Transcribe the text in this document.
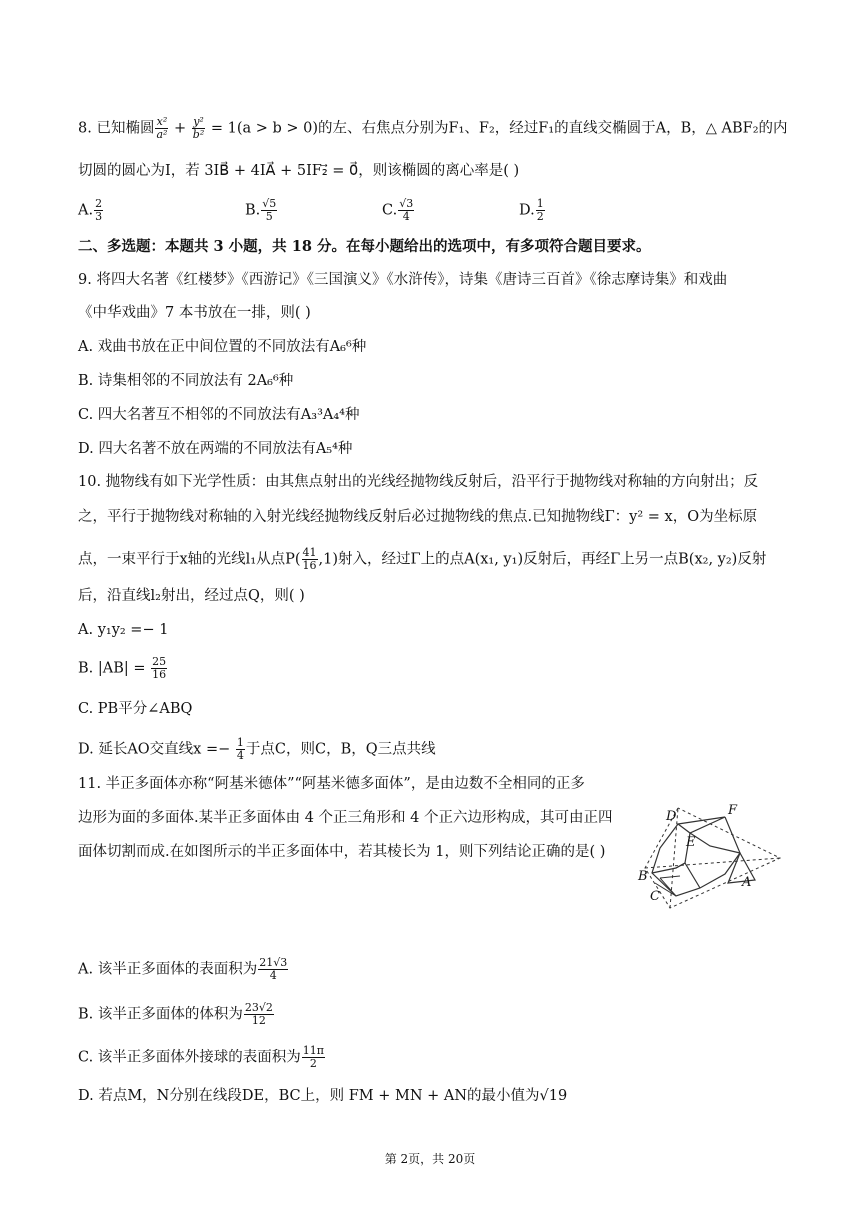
8. 已知椭圆 $\frac{\text{x²}}{\text{a²}} + \frac{\text{y²}}{\text{b²}} = 1(a > b > 0)$的左、右焦点分别为F₁、F₂，经过F₁的直线交椭圆于A，B，△ ABF₂的内
切圆的圆心为I，若 3IB⃗ + 4IA⃗ + 5IF₂⃗ = 0⃗，则该椭圆的离心率是( )
A. $\frac{2}{3}$	B. $\frac{√5}{5}$	C. $\frac{√3}{4}$	D. $\frac{1}{2}$
二、多选题：本题共 3 小题，共 18 分。在每小题给出的选项中，有多项符合题目要求。
9. 将四大名著《红楼梦》《西游记》《三国演义》《水浒传》，诗集《唐诗三百首》《徐志摩诗集》和戏曲
《中华戏曲》7 本书放在一排，则( )
A. 戏曲书放在正中间位置的不同放法有A₆⁶种
B. 诗集相邻的不同放法有 2A₆⁶种
C. 四大名著互不相邻的不同放法有A₃³A₄⁴种
D. 四大名著不放在两端的不同放法有A₅⁴种
10. 抛物线有如下光学性质：由其焦点射出的光线经抛物线反射后，沿平行于抛物线对称轴的方向射出；反
之，平行于抛物线对称轴的入射光线经抛物线反射后必过抛物线的焦点.已知抛物线Γ：y² = x，O为坐标原
点，一束平行于x轴的光线l₁从点$P( \frac{41}{16} ,1)$射入，经过Γ上的点A(x₁, y₁)反射后，再经Γ上另一点B(x₂, y₂)反射
后，沿直线l₂射出，经过点Q，则( )
A. y₁y₂ =− 1
B. $|AB| = \frac{25}{16}$
C. PB平分∠ABQ
D. 延长AO交直线$x =- \frac{1}{4}$ 于点C，则C，B，Q三点共线
11. 半正多面体亦称“阿基米德体”“阿基米德多面体”，是由边数不全相同的正多
边形为面的多面体.某半正多面体由 4 个正三角形和 4 个正六边形构成，其可由正四
面体切割而成.在如图所示的半正多面体中，若其棱长为 1，则下列结论正确的是( )
D	F
E
B
C
A
A. 该半正多面体的表面积为 $\frac{21√3}{4}$
B. 该半正多面体的体积为 $\frac{23√2}{12}$
C. 该半正多面体外接球的表面积为 $\frac{11\pi}{2}$
D. 若点M，N分别在线段DE，BC上，则 FM + MN + AN的最小值为√19
第 2页，共 20页
